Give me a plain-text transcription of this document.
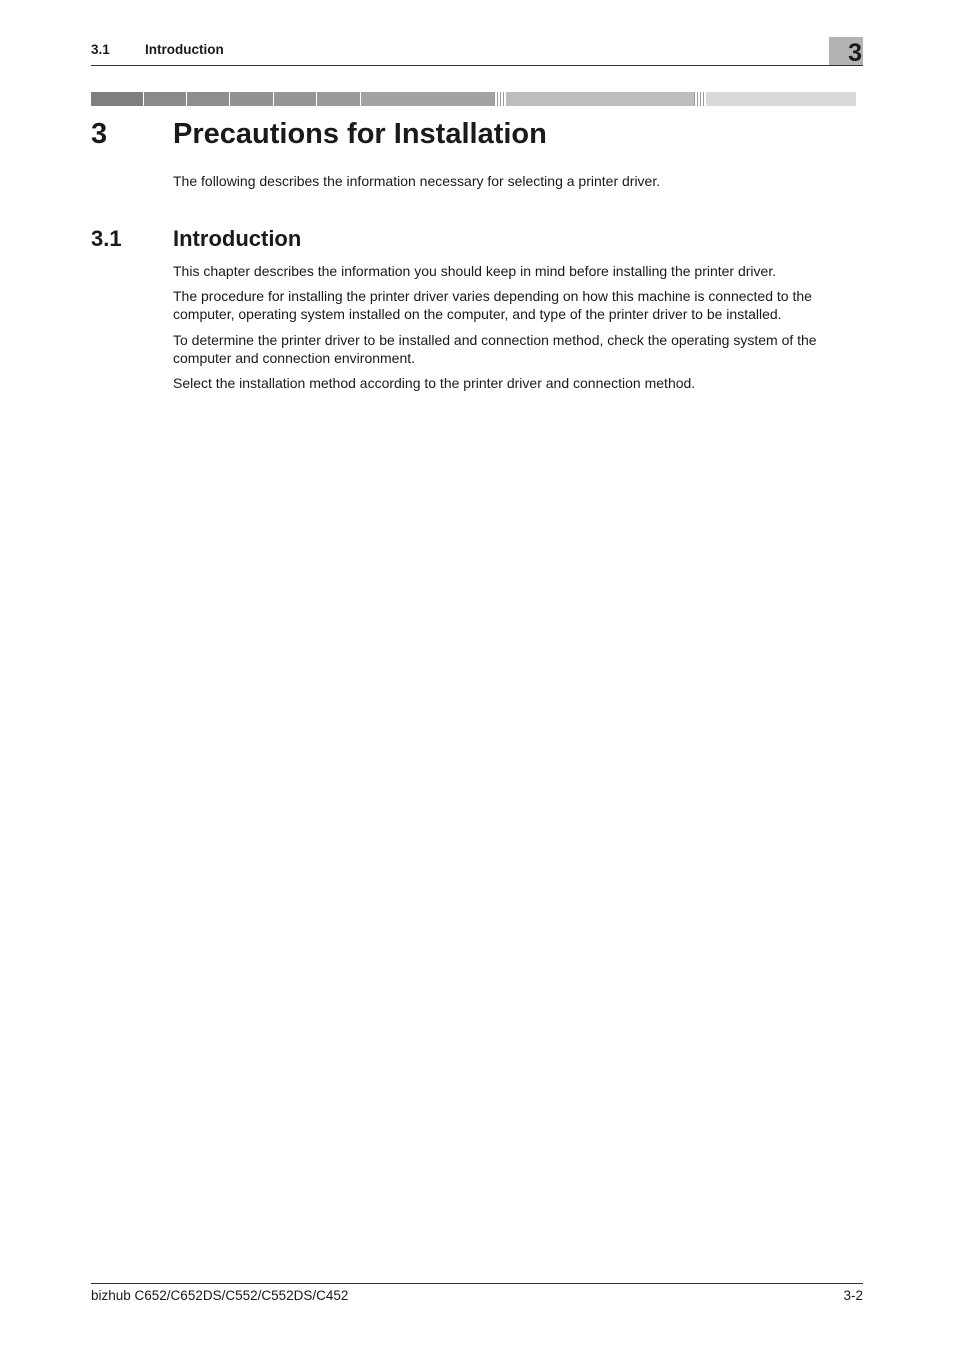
3.1	Introduction	3
3 Precautions for Installation

The following describes the information necessary for selecting a printer driver.

3.1 Introduction

This chapter describes the information you should keep in mind before installing the printer driver.

The procedure for installing the printer driver varies depending on how this machine is connected to the computer, operating system installed on the computer, and type of the printer driver to be installed.

To determine the printer driver to be installed and connection method, check the operating system of the computer and connection environment.

Select the installation method according to the printer driver and connection method.

bizhub C652/C652DS/C552/C552DS/C452	3-2
